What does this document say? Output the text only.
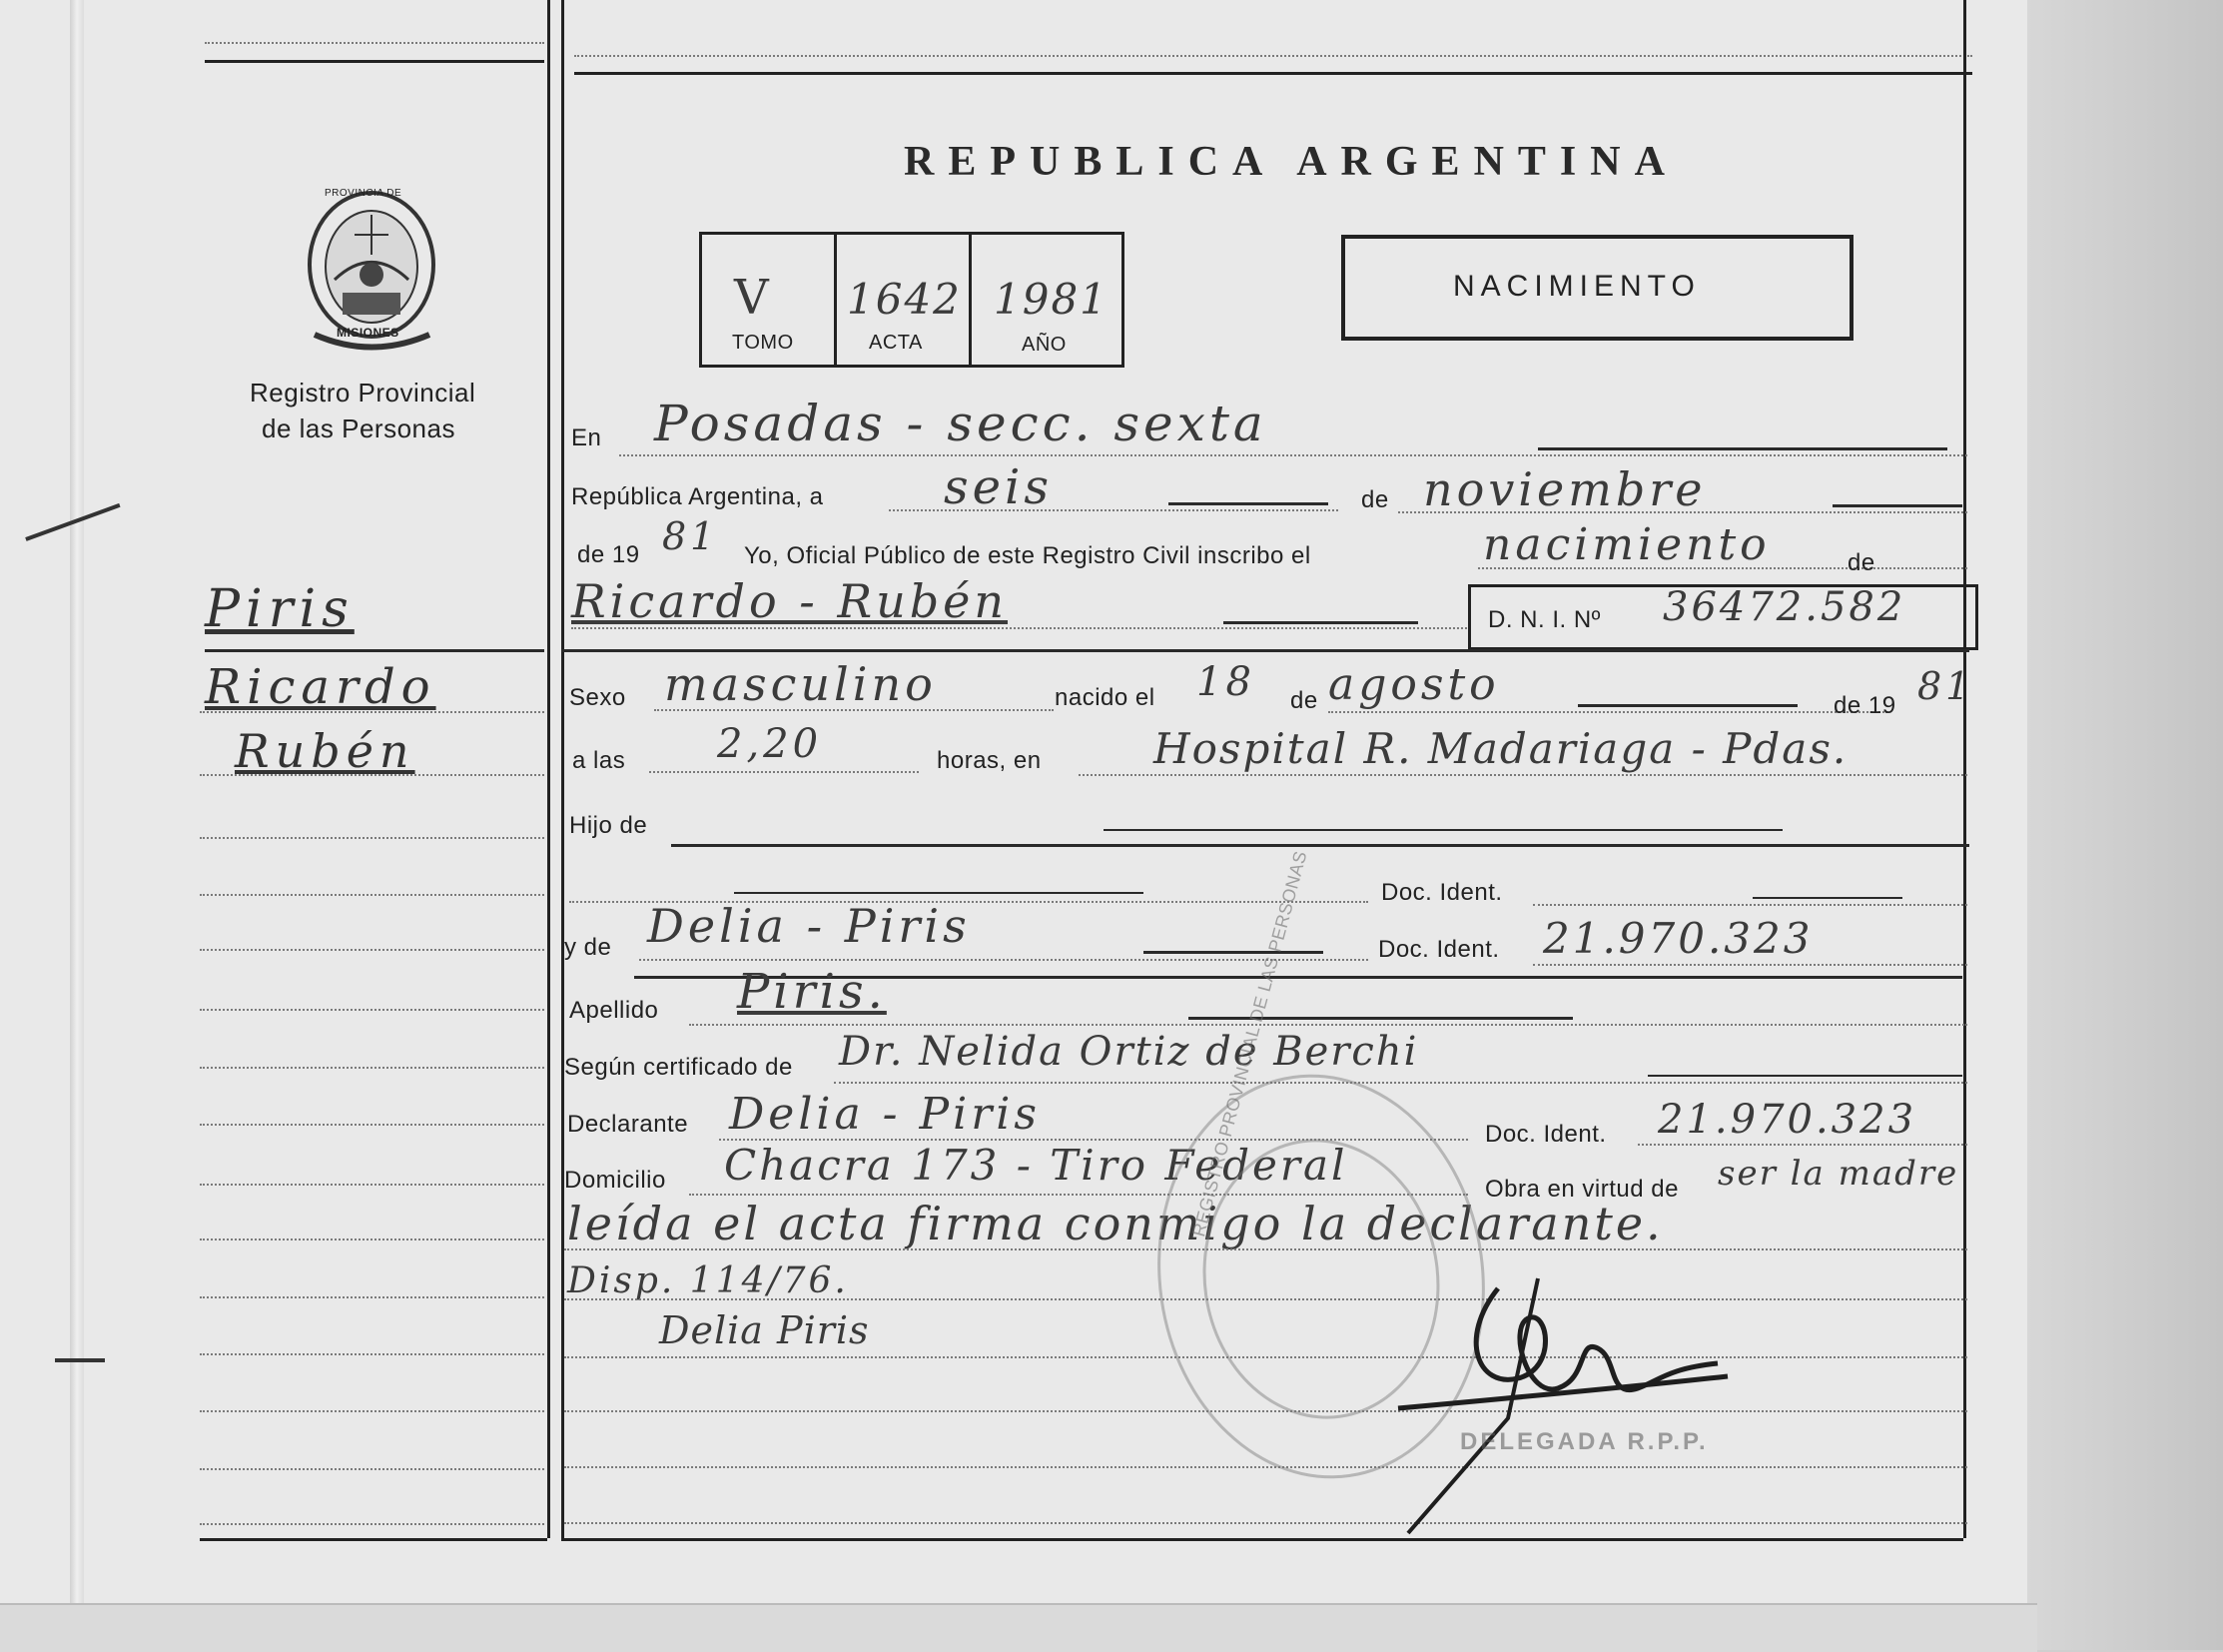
PROVINCIA DE
MISIONES
Registro Provincial
de las Personas
Piris
Ricardo
Rubén
REPUBLICA ARGENTINA
V 1642 1981
TOMO	ACTA	AÑO
NACIMIENTO
En Posadas - secc. sexta
República Argentina, a	seis	de noviembre
de 19 81 Yo, Oficial Público de este Registro Civil inscribo el	nacimiento	de
Ricardo - Rubén	D. N. I. Nº 36472.582
Sexo masculino	nacido el 18 de agosto	de 19 81
a las 2,20	horas, en	Hospital R. Madariaga - Pdas.
Hijo de
Doc. Ident.
y de Delia - Piris	Doc. Ident. 21.970.323
Apellido Piris.
Según certificado de Dr. Nelida Ortiz de Berchi
Declarante Delia - Piris	Doc. Ident. 21.970.323
Domicilio Chacra 173 - Tiro Federal	Obra en virtud de ser la madre
leída el acta firma conmigo la declarante.
Disp. 114/76.
Delia Piris
REGISTRO PROVINCIAL DE LAS PERSONAS
DELEGADA R.P.P.
